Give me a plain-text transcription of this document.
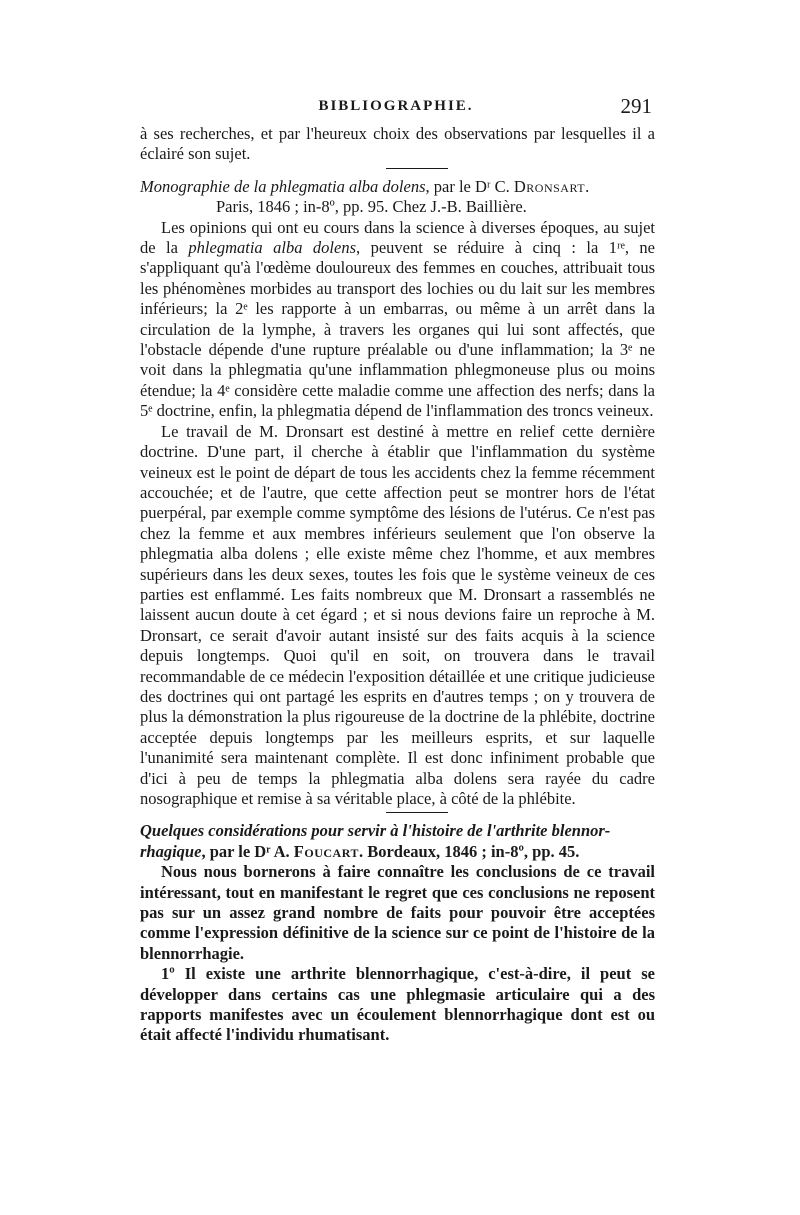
BIBLIOGRAPHIE.	291

à ses recherches, et par l'heureux choix des observations par lesquelles il a éclairé son sujet.

Monographie de la phlegmatia alba dolens, par le Dʳ C. Dronsart.
Paris, 1846 ; in-8º, pp. 95. Chez J.-B. Baillière.

Les opinions qui ont eu cours dans la science à diverses époques, au sujet de la phlegmatia alba dolens, peuvent se réduire à cinq : la 1ʳᵉ, ne s'appliquant qu'à l'œdème douloureux des femmes en couches, attribuait tous les phénomènes morbides au transport des lochies ou du lait sur les membres inférieurs; la 2ᵉ les rapporte à un embarras, ou même à un arrêt dans la circulation de la lymphe, à travers les organes qui lui sont affectés, que l'obstacle dépende d'une rupture préalable ou d'une inflammation; la 3ᵉ ne voit dans la phlegmatia qu'une inflammation phlegmoneuse plus ou moins étendue; la 4ᵉ considère cette maladie comme une affection des nerfs; dans la 5ᵉ doctrine, enfin, la phlegmatia dépend de l'inflammation des troncs veineux.

Le travail de M. Dronsart est destiné à mettre en relief cette dernière doctrine. D'une part, il cherche à établir que l'inflammation du système veineux est le point de départ de tous les accidents chez la femme récemment accouchée; et de l'autre, que cette affection peut se montrer hors de l'état puerpéral, par exemple comme symptôme des lésions de l'utérus. Ce n'est pas chez la femme et aux membres inférieurs seulement que l'on observe la phlegmatia alba dolens ; elle existe même chez l'homme, et aux membres supérieurs dans les deux sexes, toutes les fois que le système veineux de ces parties est enflammé. Les faits nombreux que M. Dronsart a rassemblés ne laissent aucun doute à cet égard ; et si nous devions faire un reproche à M. Dronsart, ce serait d'avoir autant insisté sur des faits acquis à la science depuis longtemps. Quoi qu'il en soit, on trouvera dans le travail recommandable de ce médecin l'exposition détaillée et une critique judicieuse des doctrines qui ont partagé les esprits en d'autres temps ; on y trouvera de plus la démonstration la plus rigoureuse de la doctrine de la phlébite, doctrine acceptée depuis longtemps par les meilleurs esprits, et sur laquelle l'unanimité sera maintenant complète. Il est donc infiniment probable que d'ici à peu de temps la phlegmatia alba dolens sera rayée du cadre nosographique et remise à sa véritable place, à côté de la phlébite.

Quelques considérations pour servir à l'histoire de l'arthrite blennor-
rhagique, par le Dʳ A. Foucart. Bordeaux, 1846 ; in-8º, pp. 45.

Nous nous bornerons à faire connaître les conclusions de ce travail intéressant, tout en manifestant le regret que ces conclusions ne reposent pas sur un assez grand nombre de faits pour pouvoir être acceptées comme l'expression définitive de la science sur ce point de l'histoire de la blennorrhagie.

1º Il existe une arthrite blennorrhagique, c'est-à-dire, il peut se développer dans certains cas une phlegmasie articulaire qui a des rapports manifestes avec un écoulement blennorrhagique dont est ou était affecté l'individu rhumatisant.
